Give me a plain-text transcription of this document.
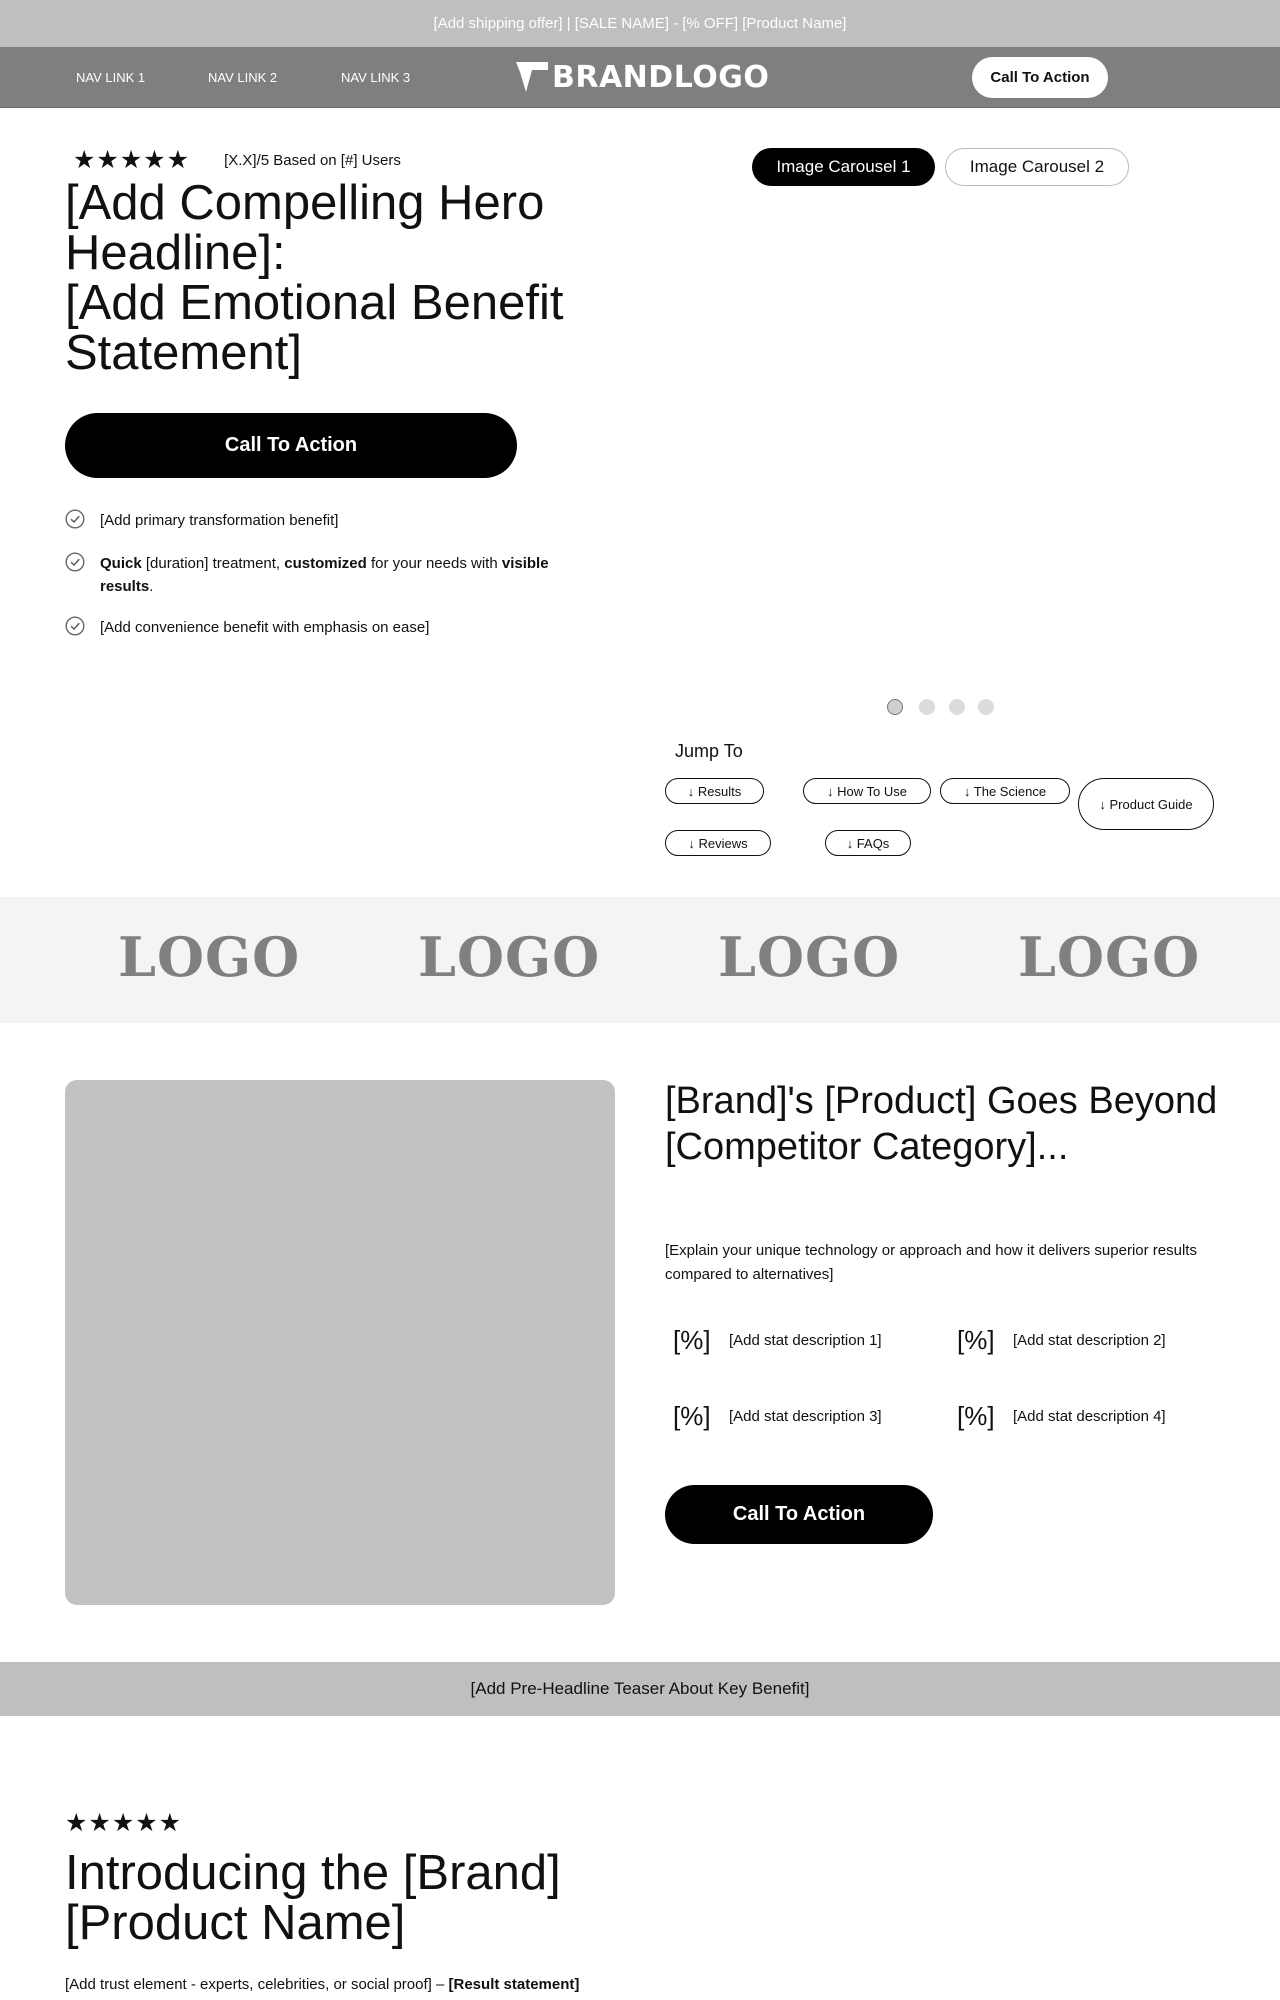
[Add shipping offer] | [SALE NAME] - [% OFF] [Product Name]
NAV LINK 1	NAV LINK 2	NAV LINK 3	BRANDLOGO	Call To Action
★★★★★ [X.X]/5 Based on [#] Users
[Add Compelling Hero
Headline]:
[Add Emotional Benefit
Statement]
Call To Action
[Add primary transformation benefit]
Quick [duration] treatment, customized for your needs with visible results.
[Add convenience benefit with emphasis on ease]
Image Carousel 1	Image Carousel 2
Jump To
↓ Results	↓ How To Use	↓ The Science
↓ Product Guide
↓ Reviews	↓ FAQs
LOGO LOGO LOGO LOGO
[Brand]'s [Product] Goes Beyond [Competitor Category]...

[Explain your unique technology or approach and how it delivers superior results compared to alternatives]

[%]	[Add stat description 1]	[%]	[Add stat description 2]
[%]	[Add stat description 3]	[%]	[Add stat description 4]
Call To Action
[Add Pre-Headline Teaser About Key Benefit]
★★★★★
Introducing the [Brand]
[Product Name]

[Add trust element - experts, celebrities, or social proof] – [Result statement]
